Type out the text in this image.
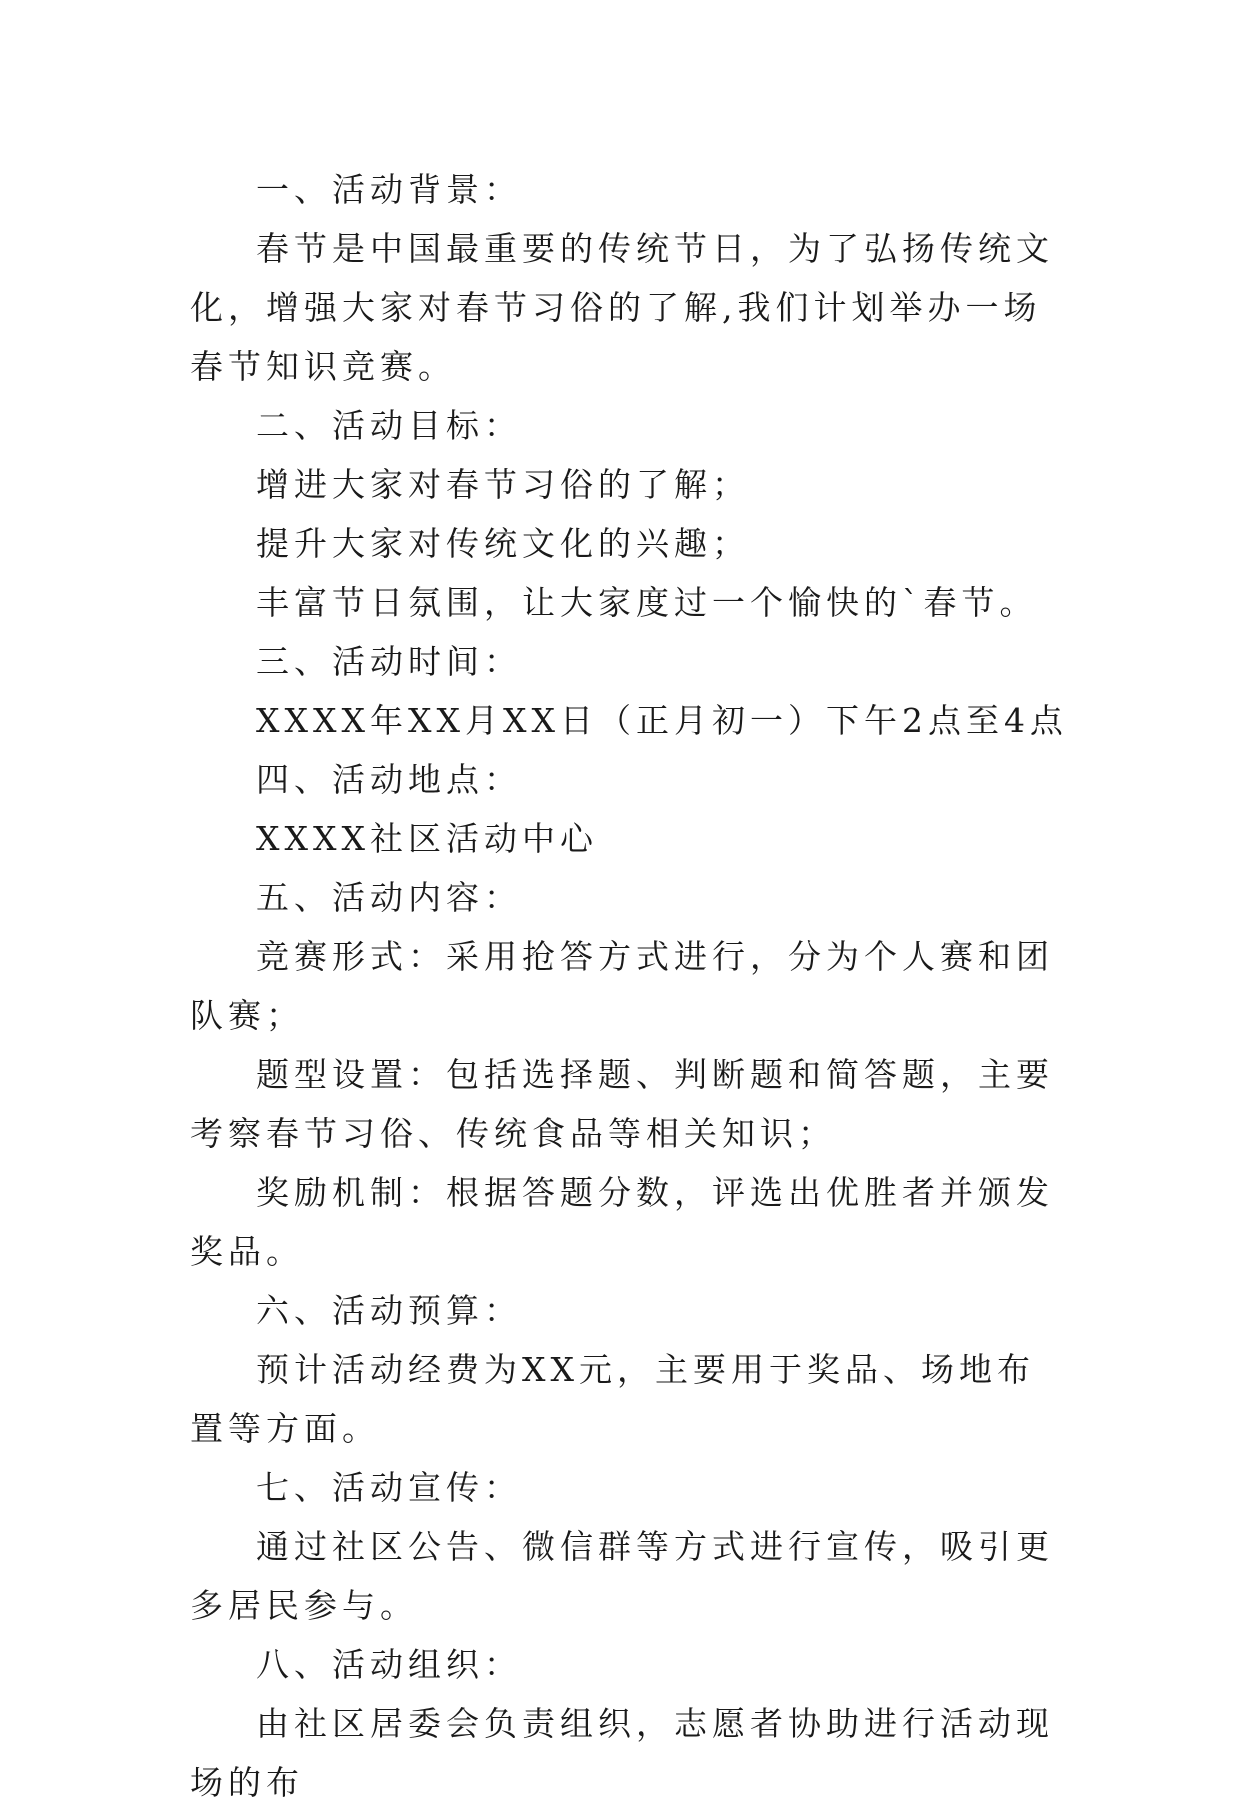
一、活动背景：

春节是中国最重要的传统节日，为了弘扬传统文化，增强大家对春节习俗的了解,我们计划举办一场春节知识竞赛。

二、活动目标：

增进大家对春节习俗的了解；

提升大家对传统文化的兴趣；

丰富节日氛围，让大家度过一个愉快的`春节。

三、活动时间：

XXXX年XX月XX日（正月初一）下午2点至4点

四、活动地点：

XXXX社区活动中心

五、活动内容：

竞赛形式：采用抢答方式进行，分为个人赛和团队赛；

题型设置：包括选择题、判断题和简答题，主要考察春节习俗、传统食品等相关知识；

奖励机制：根据答题分数，评选出优胜者并颁发奖品。

六、活动预算：

预计活动经费为XX元，主要用于奖品、场地布置等方面。

七、活动宣传：

通过社区公告、微信群等方式进行宣传，吸引更多居民参与。

八、活动组织：

由社区居委会负责组织，志愿者协助进行活动现场的布
